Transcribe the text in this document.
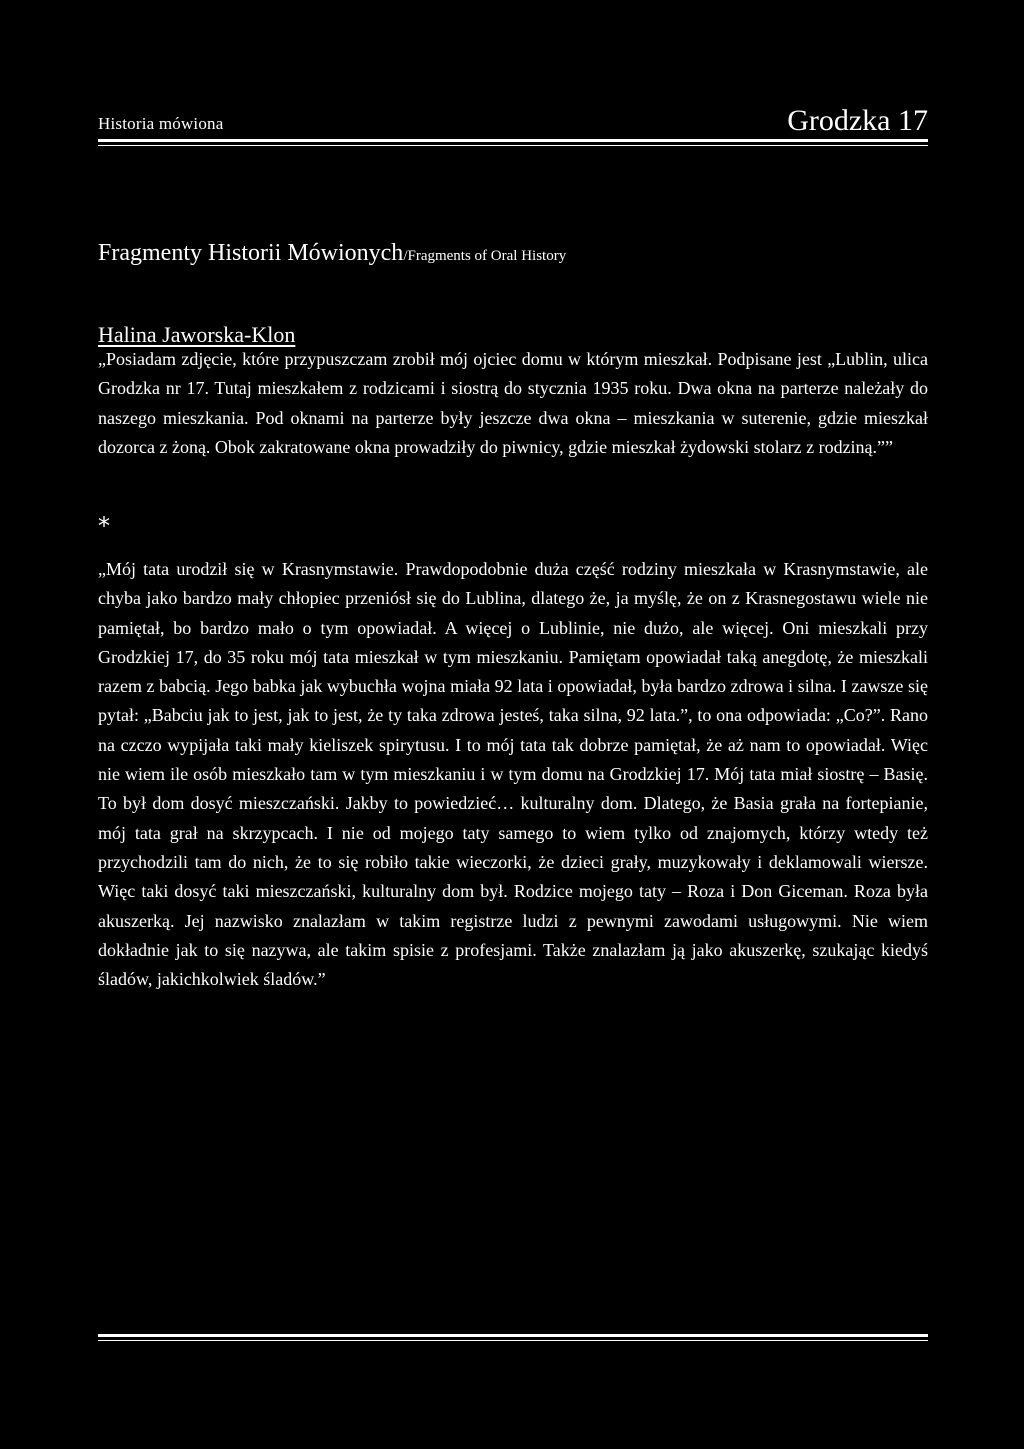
Historia mówiona	Grodzka 17
Fragmenty Historii Mówionych/Fragments of Oral History
Halina Jaworska-Klon

„Posiadam zdjęcie, które przypuszczam zrobił mój ojciec domu w którym mieszkał. Podpisane jest „Lublin, ulica Grodzka nr 17. Tutaj mieszkałem z rodzicami i siostrą do stycznia 1935 roku. Dwa okna na parterze należały do naszego mieszkania. Pod oknami na parterze były jeszcze dwa okna – mieszkania w suterenie, gdzie mieszkał dozorca z żoną. Obok zakratowane okna prowadziły do piwnicy, gdzie mieszkał żydowski stolarz z rodziną.””

*

„Mój tata urodził się w Krasnymstawie. Prawdopodobnie duża część rodziny mieszkała w Krasnymstawie, ale chyba jako bardzo mały chłopiec przeniósł się do Lublina, dlatego że, ja myślę, że on z Krasnegostawu wiele nie pamiętał, bo bardzo mało o tym opowiadał. A więcej o Lublinie, nie dużo, ale więcej. Oni mieszkali przy Grodzkiej 17, do 35 roku mój tata mieszkał w tym mieszkaniu. Pamiętam opowiadał taką anegdotę, że mieszkali razem z babcią. Jego babka jak wybuchła wojna miała 92 lata i opowiadał, była bardzo zdrowa i silna. I zawsze się pytał: „Babciu jak to jest, jak to jest, że ty taka zdrowa jesteś, taka silna, 92 lata.”, to ona odpowiada: „Co?”. Rano na czczo wypijała taki mały kieliszek spirytusu. I to mój tata tak dobrze pamiętał, że aż nam to opowiadał. Więc nie wiem ile osób mieszkało tam w tym mieszkaniu i w tym domu na Grodzkiej 17. Mój tata miał siostrę – Basię. To był dom dosyć mieszczański. Jakby to powiedzieć… kulturalny dom. Dlatego, że Basia grała na fortepianie, mój tata grał na skrzypcach. I nie od mojego taty samego to wiem tylko od znajomych, którzy wtedy też przychodzili tam do nich, że to się robiło takie wieczorki, że dzieci grały, muzykowały i deklamowali wiersze. Więc taki dosyć taki mieszczański, kulturalny dom był. Rodzice mojego taty – Roza i Don Giceman. Roza była akuszerką. Jej nazwisko znalazłam w takim registrze ludzi z pewnymi zawodami usługowymi. Nie wiem dokładnie jak to się nazywa, ale takim spisie z profesjami. Także znalazłam ją jako akuszerkę, szukając kiedyś śladów, jakichkolwiek śladów.”
